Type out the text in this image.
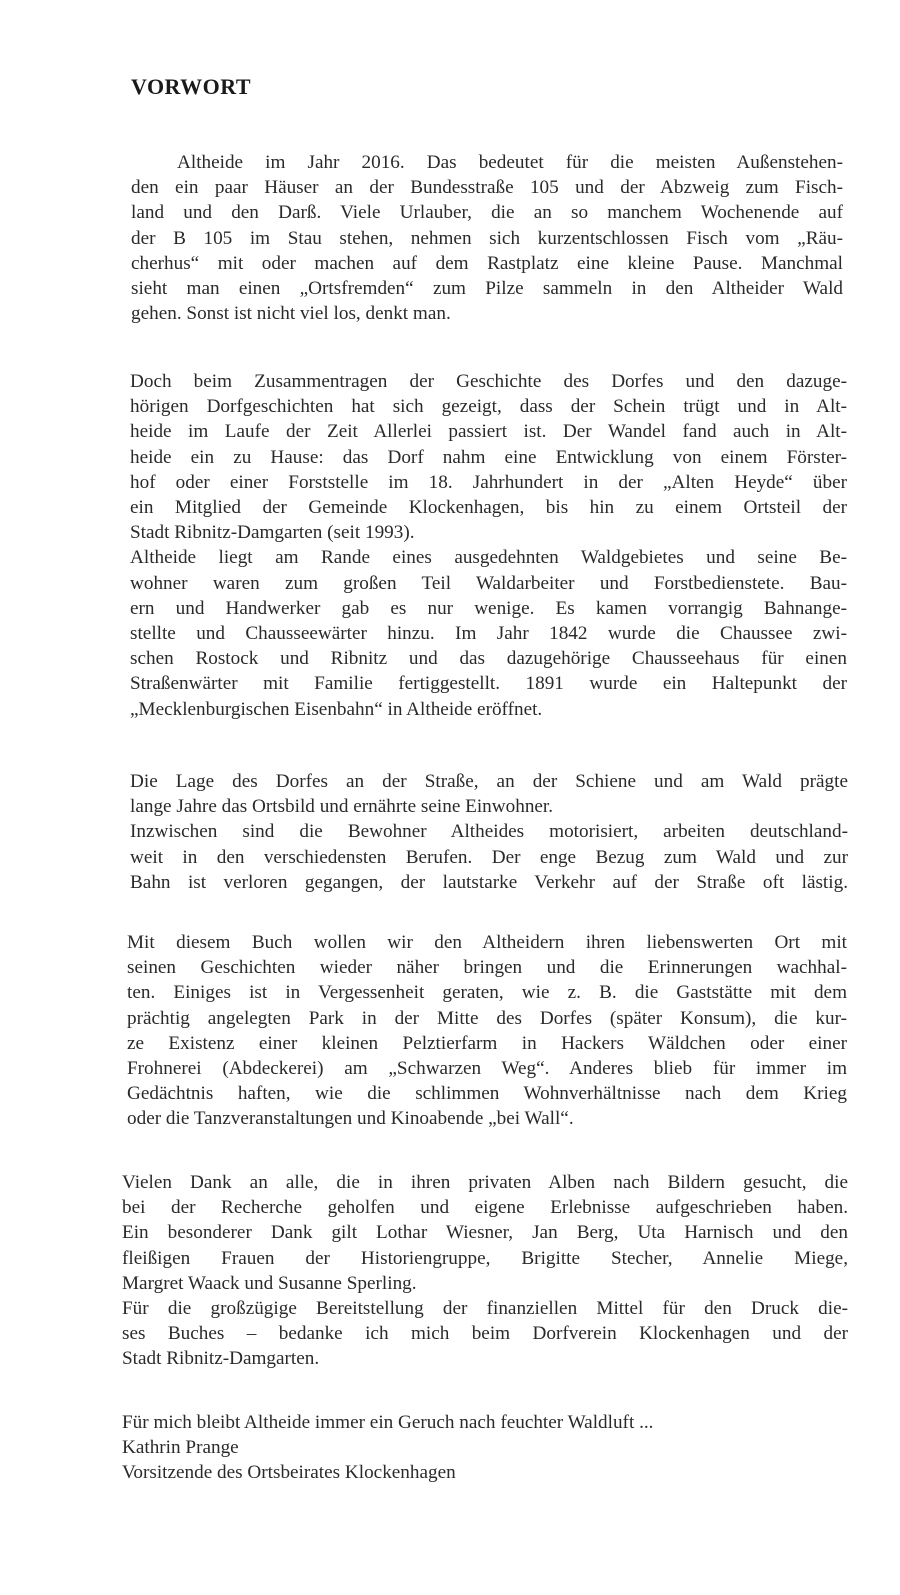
VORWORT
Altheide im Jahr 2016. Das bedeutet für die meisten Außenstehen-
den ein paar Häuser an der Bundesstraße 105 und der Abzweig zum Fisch-
land und den Darß. Viele Urlauber, die an so manchem Wochenende auf
der B 105 im Stau stehen, nehmen sich kurzentschlossen Fisch vom „Räu-
cherhus“ mit oder machen auf dem Rastplatz eine kleine Pause. Manchmal
sieht man einen „Ortsfremden“ zum Pilze sammeln in den Altheider Wald
gehen. Sonst ist nicht viel los, denkt man.
Doch beim Zusammentragen der Geschichte des Dorfes und den dazuge-
hörigen Dorfgeschichten hat sich gezeigt, dass der Schein trügt und in Alt-
heide im Laufe der Zeit Allerlei passiert ist. Der Wandel fand auch in Alt-
heide ein zu Hause: das Dorf nahm eine Entwicklung von einem Förster-
hof oder einer Forststelle im 18. Jahrhundert in der „Alten Heyde“ über
ein Mitglied der Gemeinde Klockenhagen, bis hin zu einem Ortsteil der
Stadt Ribnitz-Damgarten (seit 1993).
Altheide liegt am Rande eines ausgedehnten Waldgebietes und seine Be-
wohner waren zum großen Teil Waldarbeiter und Forstbedienstete. Bau-
ern und Handwerker gab es nur wenige. Es kamen vorrangig Bahnange-
stellte und Chausseewärter hinzu. Im Jahr 1842 wurde die Chaussee zwi-
schen Rostock und Ribnitz und das dazugehörige Chausseehaus für einen
Straßenwärter mit Familie fertiggestellt. 1891 wurde ein Haltepunkt der
„Mecklenburgischen Eisenbahn“ in Altheide eröffnet.
Die Lage des Dorfes an der Straße, an der Schiene und am Wald prägte
lange Jahre das Ortsbild und ernährte seine Einwohner.
Inzwischen sind die Bewohner Altheides motorisiert, arbeiten deutschland-
weit in den verschiedensten Berufen. Der enge Bezug zum Wald und zur
Bahn ist verloren gegangen, der lautstarke Verkehr auf der Straße oft lästig.
Mit diesem Buch wollen wir den Altheidern ihren liebenswerten Ort mit
seinen Geschichten wieder näher bringen und die Erinnerungen wachhal-
ten. Einiges ist in Vergessenheit geraten, wie z. B. die Gaststätte mit dem
prächtig angelegten Park in der Mitte des Dorfes (später Konsum), die kur-
ze Existenz einer kleinen Pelztierfarm in Hackers Wäldchen oder einer
Frohnerei (Abdeckerei) am „Schwarzen Weg“. Anderes blieb für immer im
Gedächtnis haften, wie die schlimmen Wohnverhältnisse nach dem Krieg
oder die Tanzveranstaltungen und Kinoabende „bei Wall“.
Vielen Dank an alle, die in ihren privaten Alben nach Bildern gesucht, die
bei der Recherche geholfen und eigene Erlebnisse aufgeschrieben haben.
Ein besonderer Dank gilt Lothar Wiesner, Jan Berg, Uta Harnisch und den
fleißigen Frauen der Historiengruppe, Brigitte Stecher, Annelie Miege,
Margret Waack und Susanne Sperling.
Für die großzügige Bereitstellung der finanziellen Mittel für den Druck die-
ses Buches – bedanke ich mich beim Dorfverein Klockenhagen und der
Stadt Ribnitz-Damgarten.
Für mich bleibt Altheide immer ein Geruch nach feuchter Waldluft ...
Kathrin Prange
Vorsitzende des Ortsbeirates Klockenhagen
